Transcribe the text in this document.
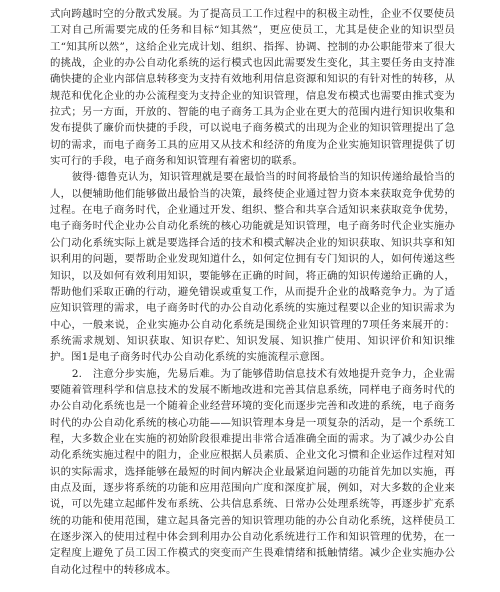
式向跨越时空的分散式发展。为了提高员工工作过程中的积极主动性，企业不仅要使员工对自己所需要完成的任务和目标“知其然”，更应使员工，尤其是使企业的知识型员工“知其所以然”，这给企业完成计划、组织、指挥、协调、控制的办公职能带来了很大的挑战，企业的办公自动化系统的运行模式也因此需要发生变化，其主要任务由支持准确快捷的企业内部信息转移变为支持有效地利用信息资源和知识的有针对性的转移，从规范和优化企业的办公流程变为支持企业的知识管理，信息发布模式也需要由推式变为拉式；另一方面，开放的、智能的电子商务工具为企业在更大的范围内进行知识收集和发布提供了廉价而快捷的手段，可以说电子商务模式的出现为企业的知识管理提出了急切的需求，而电子商务工具的应用又从技术和经济的角度为企业实施知识管理提供了切实可行的手段，电子商务和知识管理有着密切的联系。

彼得·德鲁克认为，知识管理就是要在最恰当的时间将最恰当的知识传递给最恰当的人，以便辅助他们能够做出最恰当的决策，最终使企业通过智力资本来获取竞争优势的过程。在电子商务时代，企业通过开发、组织、整合和共享合适知识来获取竞争优势，电子商务时代企业办公自动化系统的核心功能就是知识管理，电子商务时代企业实施办公门动化系统实际上就是要选择合适的技术和模式解决企业的知识获取、知识共享和知识利用的问题，要帮助企业发现知道什么，如何定位拥有专门知识的人，如何传递这些知识，以及如何有效利用知识，要能够在正确的时间，将正确的知识传递给正确的人，帮助他们采取正确的行动，避免错误或重复工作，从而提升企业的战略竞争力。为了适应知识管理的需求，电子商务时代的办公自动化系统的实施过程要以企业的知识需求为中心，一般来说，企业实施办公自动化系统是围绕企业知识管理的7项任务来展开的：系统需求规划、知识获取、知识存贮、知识发展、知识推广使用、知识评价和知识维护。图1是电子商务时代办公自动化系统的实施流程示意图。

2.　注意分步实施，先易后难。为了能够借助信息技术有效地提升竞争力，企业需要随着管理科学和信息技术的发展不断地改进和完善其信息系统，同样电子商务时代的办公自动化系统也是一个随着企业经营环境的变化而逐步完善和改进的系统，电子商务时代的办公自动化系统的核心功能——知识管理本身是一项复杂的活动，是一个系统工程，大多数企业在实施的初始阶段很难提出非常合适准确全面的需求。为了减少办公自动化系统实施过程中的阻力，企业应根据人员素质、企业文化习惯和企业运作过程对知识的实际需求，选择能够在最短的时间内解决企业最紧迫问题的功能首先加以实施，再由点及面，逐步将系统的功能和应用范围向广度和深度扩展，例如，对大多数的企业来说，可以先建立起邮件发布系统、公共信息系统、日常办公处理系统等，再逐步扩充系统的功能和使用范围，建立起具备完善的知识管理功能的办公自动化系统，这样使员工在逐步深入的使用过程中体会到利用办公自动化系统进行工作和知识管理的优势，在一定程度上避免了员工因工作模式的突变而产生畏难情绪和抵触情绪。减少企业实施办公自动化过程中的转移成本。
